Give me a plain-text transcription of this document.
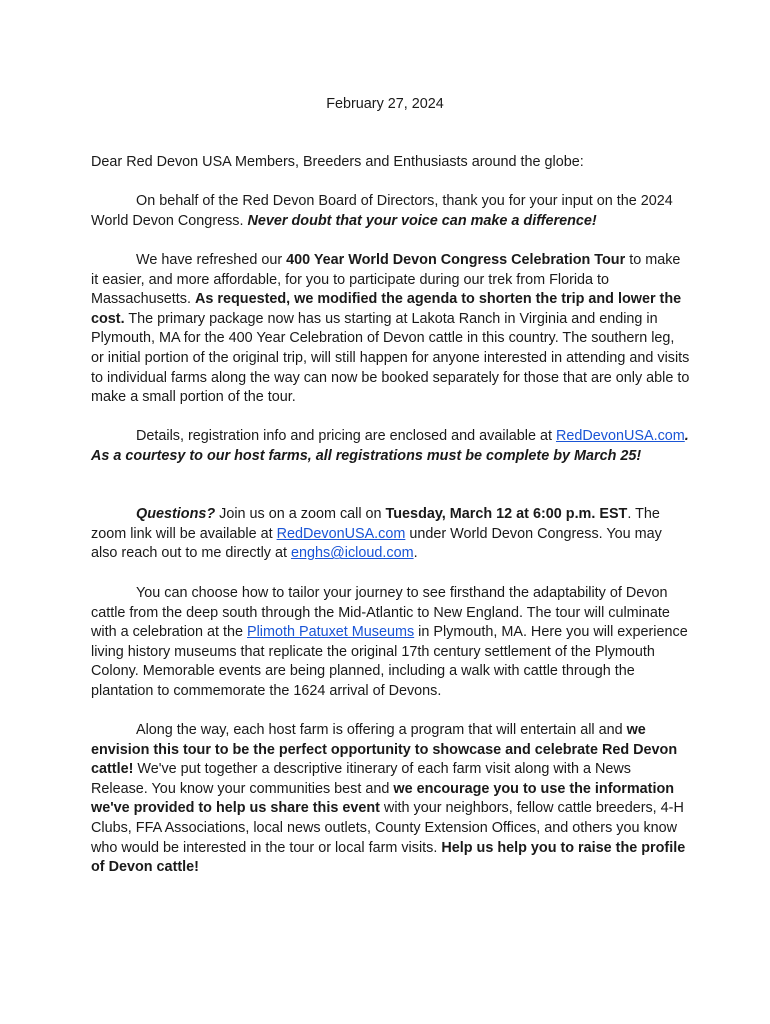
February 27, 2024
Dear Red Devon USA Members, Breeders and Enthusiasts around the globe:

On behalf of the Red Devon Board of Directors, thank you for your input on the 2024 World Devon Congress. Never doubt that your voice can make a difference!

We have refreshed our 400 Year World Devon Congress Celebration Tour to make it easier, and more affordable, for you to participate during our trek from Florida to Massachusetts. As requested, we modified the agenda to shorten the trip and lower the cost. The primary package now has us starting at Lakota Ranch in Virginia and ending in Plymouth, MA for the 400 Year Celebration of Devon cattle in this country. The southern leg, or initial portion of the original trip, will still happen for anyone interested in attending and visits to individual farms along the way can now be booked separately for those that are only able to make a small portion of the tour.

Details, registration info and pricing are enclosed and available at RedDevonUSA.com. As a courtesy to our host farms, all registrations must be complete by March 25!

Questions? Join us on a zoom call on Tuesday, March 12 at 6:00 p.m. EST. The zoom link will be available at RedDevonUSA.com under World Devon Congress. You may also reach out to me directly at enghs@icloud.com.

You can choose how to tailor your journey to see firsthand the adaptability of Devon cattle from the deep south through the Mid-Atlantic to New England. The tour will culminate with a celebration at the Plimoth Patuxet Museums in Plymouth, MA. Here you will experience living history museums that replicate the original 17th century settlement of the Plymouth Colony. Memorable events are being planned, including a walk with cattle through the plantation to commemorate the 1624 arrival of Devons.

Along the way, each host farm is offering a program that will entertain all and we envision this tour to be the perfect opportunity to showcase and celebrate Red Devon cattle! We've put together a descriptive itinerary of each farm visit along with a News Release. You know your communities best and we encourage you to use the information we've provided to help us share this event with your neighbors, fellow cattle breeders, 4-H Clubs, FFA Associations, local news outlets, County Extension Offices, and others you know who would be interested in the tour or local farm visits. Help us help you to raise the profile of Devon cattle!
